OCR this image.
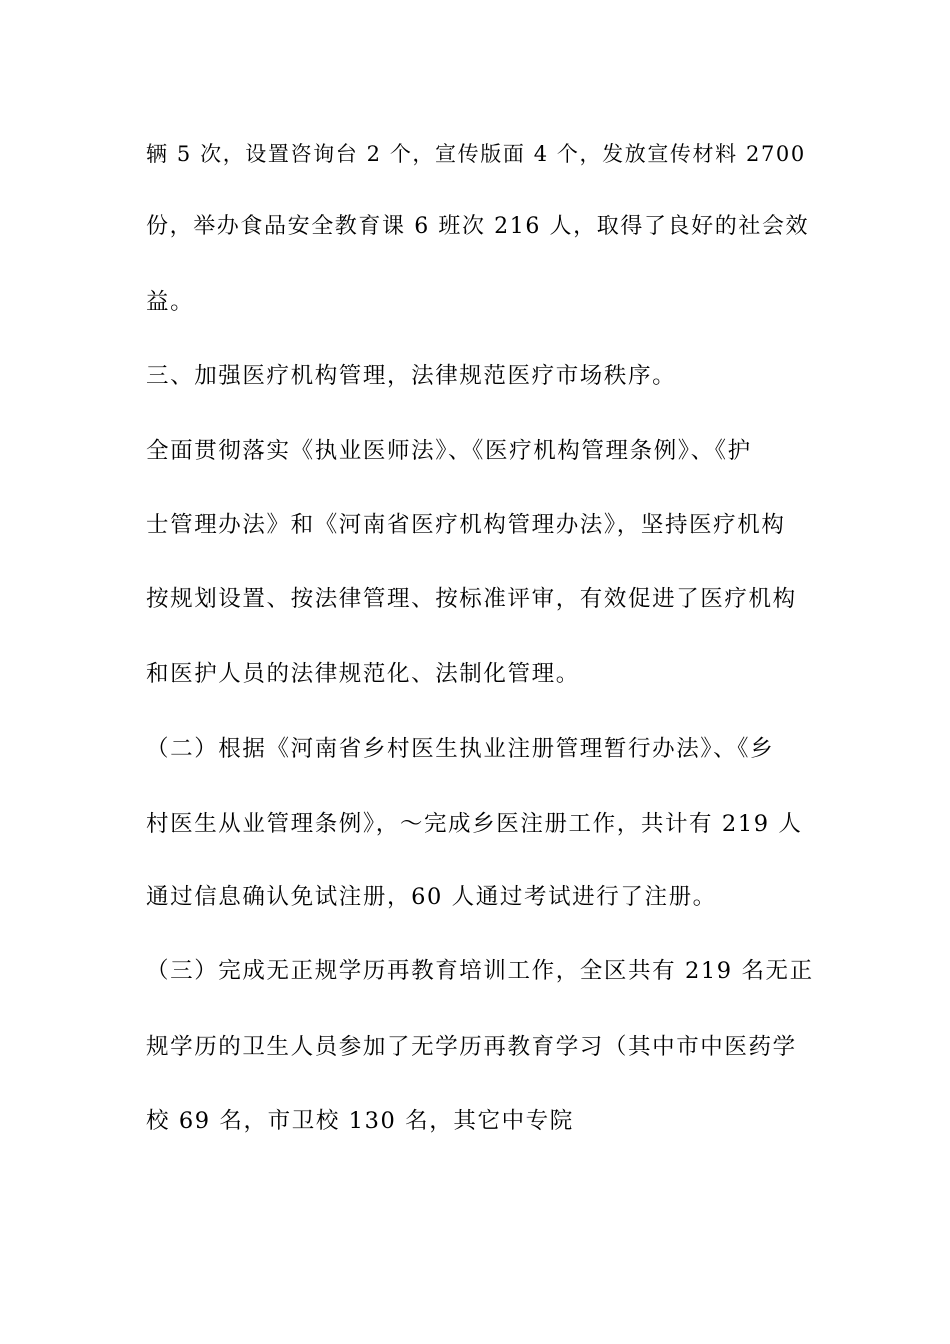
辆 5 次，设置咨询台 2 个，宣传版面 4 个，发放宣传材料 2700
份，举办食品安全教育课 6 班次 216 人，取得了良好的社会效
益。
三、加强医疗机构管理，法律规范医疗市场秩序。
全面贯彻落实《执业医师法》、《医疗机构管理条例》、《护
士管理办法》和《河南省医疗机构管理办法》，坚持医疗机构
按规划设置、按法律管理、按标准评审，有效促进了医疗机构
和医护人员的法律规范化、法制化管理。
（二）根据《河南省乡村医生执业注册管理暂行办法》、《乡
村医生从业管理条例》，～完成乡医注册工作，共计有 219 人
通过信息确认免试注册，60 人通过考试进行了注册。
（三）完成无正规学历再教育培训工作，全区共有 219 名无正
规学历的卫生人员参加了无学历再教育学习（其中市中医药学
校 69 名，市卫校 130 名，其它中专院
